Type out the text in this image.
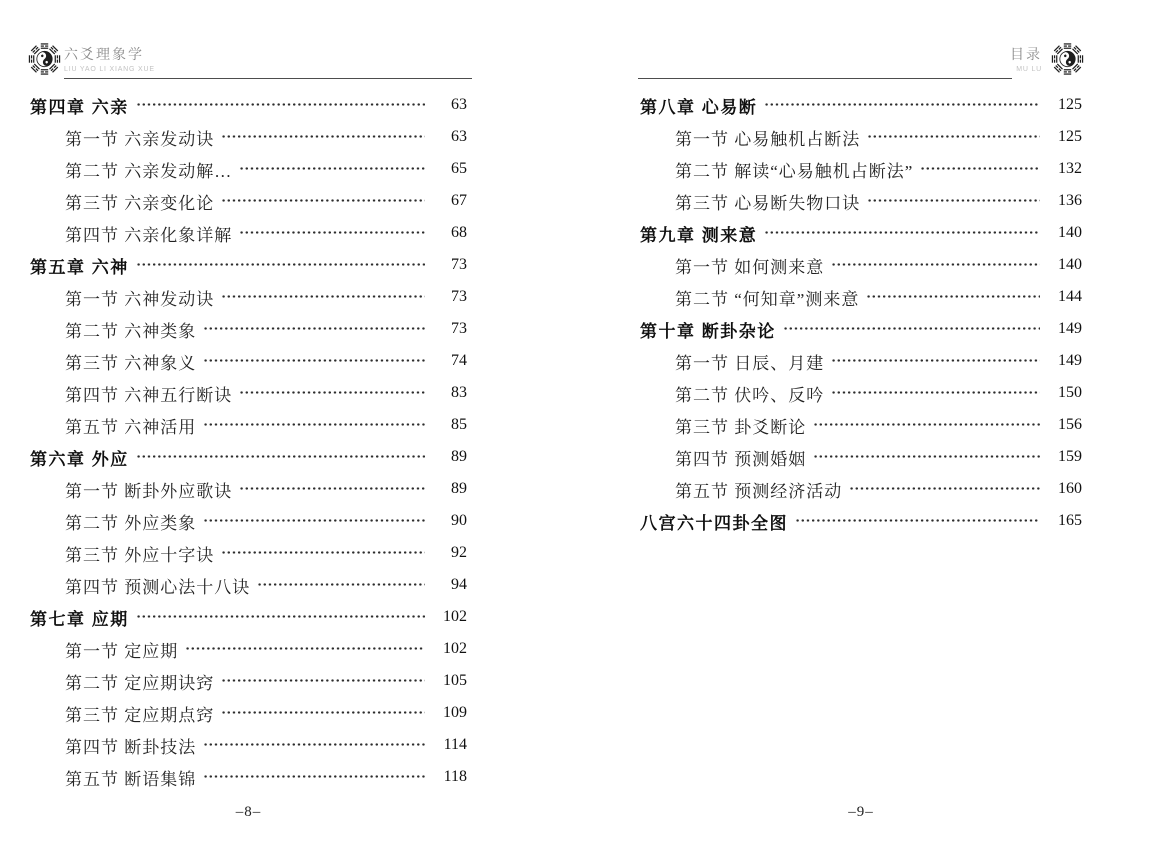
六爻理象学
LIU YAO LI XIANG XUE
第四章 六亲	63
第一节 六亲发动诀	63
第二节 六亲发动解…	65
第三节 六亲变化论	67
第四节 六亲化象详解	68
第五章 六神	73
第一节 六神发动诀	73
第二节 六神类象	73
第三节 六神象义	74
第四节 六神五行断诀	83
第五节 六神活用	85
第六章 外应	89
第一节 断卦外应歌诀	89
第二节 外应类象	90
第三节 外应十字诀	92
第四节 预测心法十八诀	94
第七章 应期	102
第一节 定应期	102
第二节 定应期诀窍	105
第三节 定应期点窍	109
第四节 断卦技法	114
第五节 断语集锦	118
–8–
目录
MU LU
第八章 心易断	125
第一节 心易触机占断法	125
第二节 解读“心易触机占断法”	132
第三节 心易断失物口诀	136
第九章 测来意	140
第一节 如何测来意	140
第二节 “何知章”测来意	144
第十章 断卦杂论	149
第一节 日辰、月建	149
第二节 伏吟、反吟	150
第三节 卦爻断论	156
第四节 预测婚姻	159
第五节 预测经济活动	160
八宫六十四卦全图	165
–9–
